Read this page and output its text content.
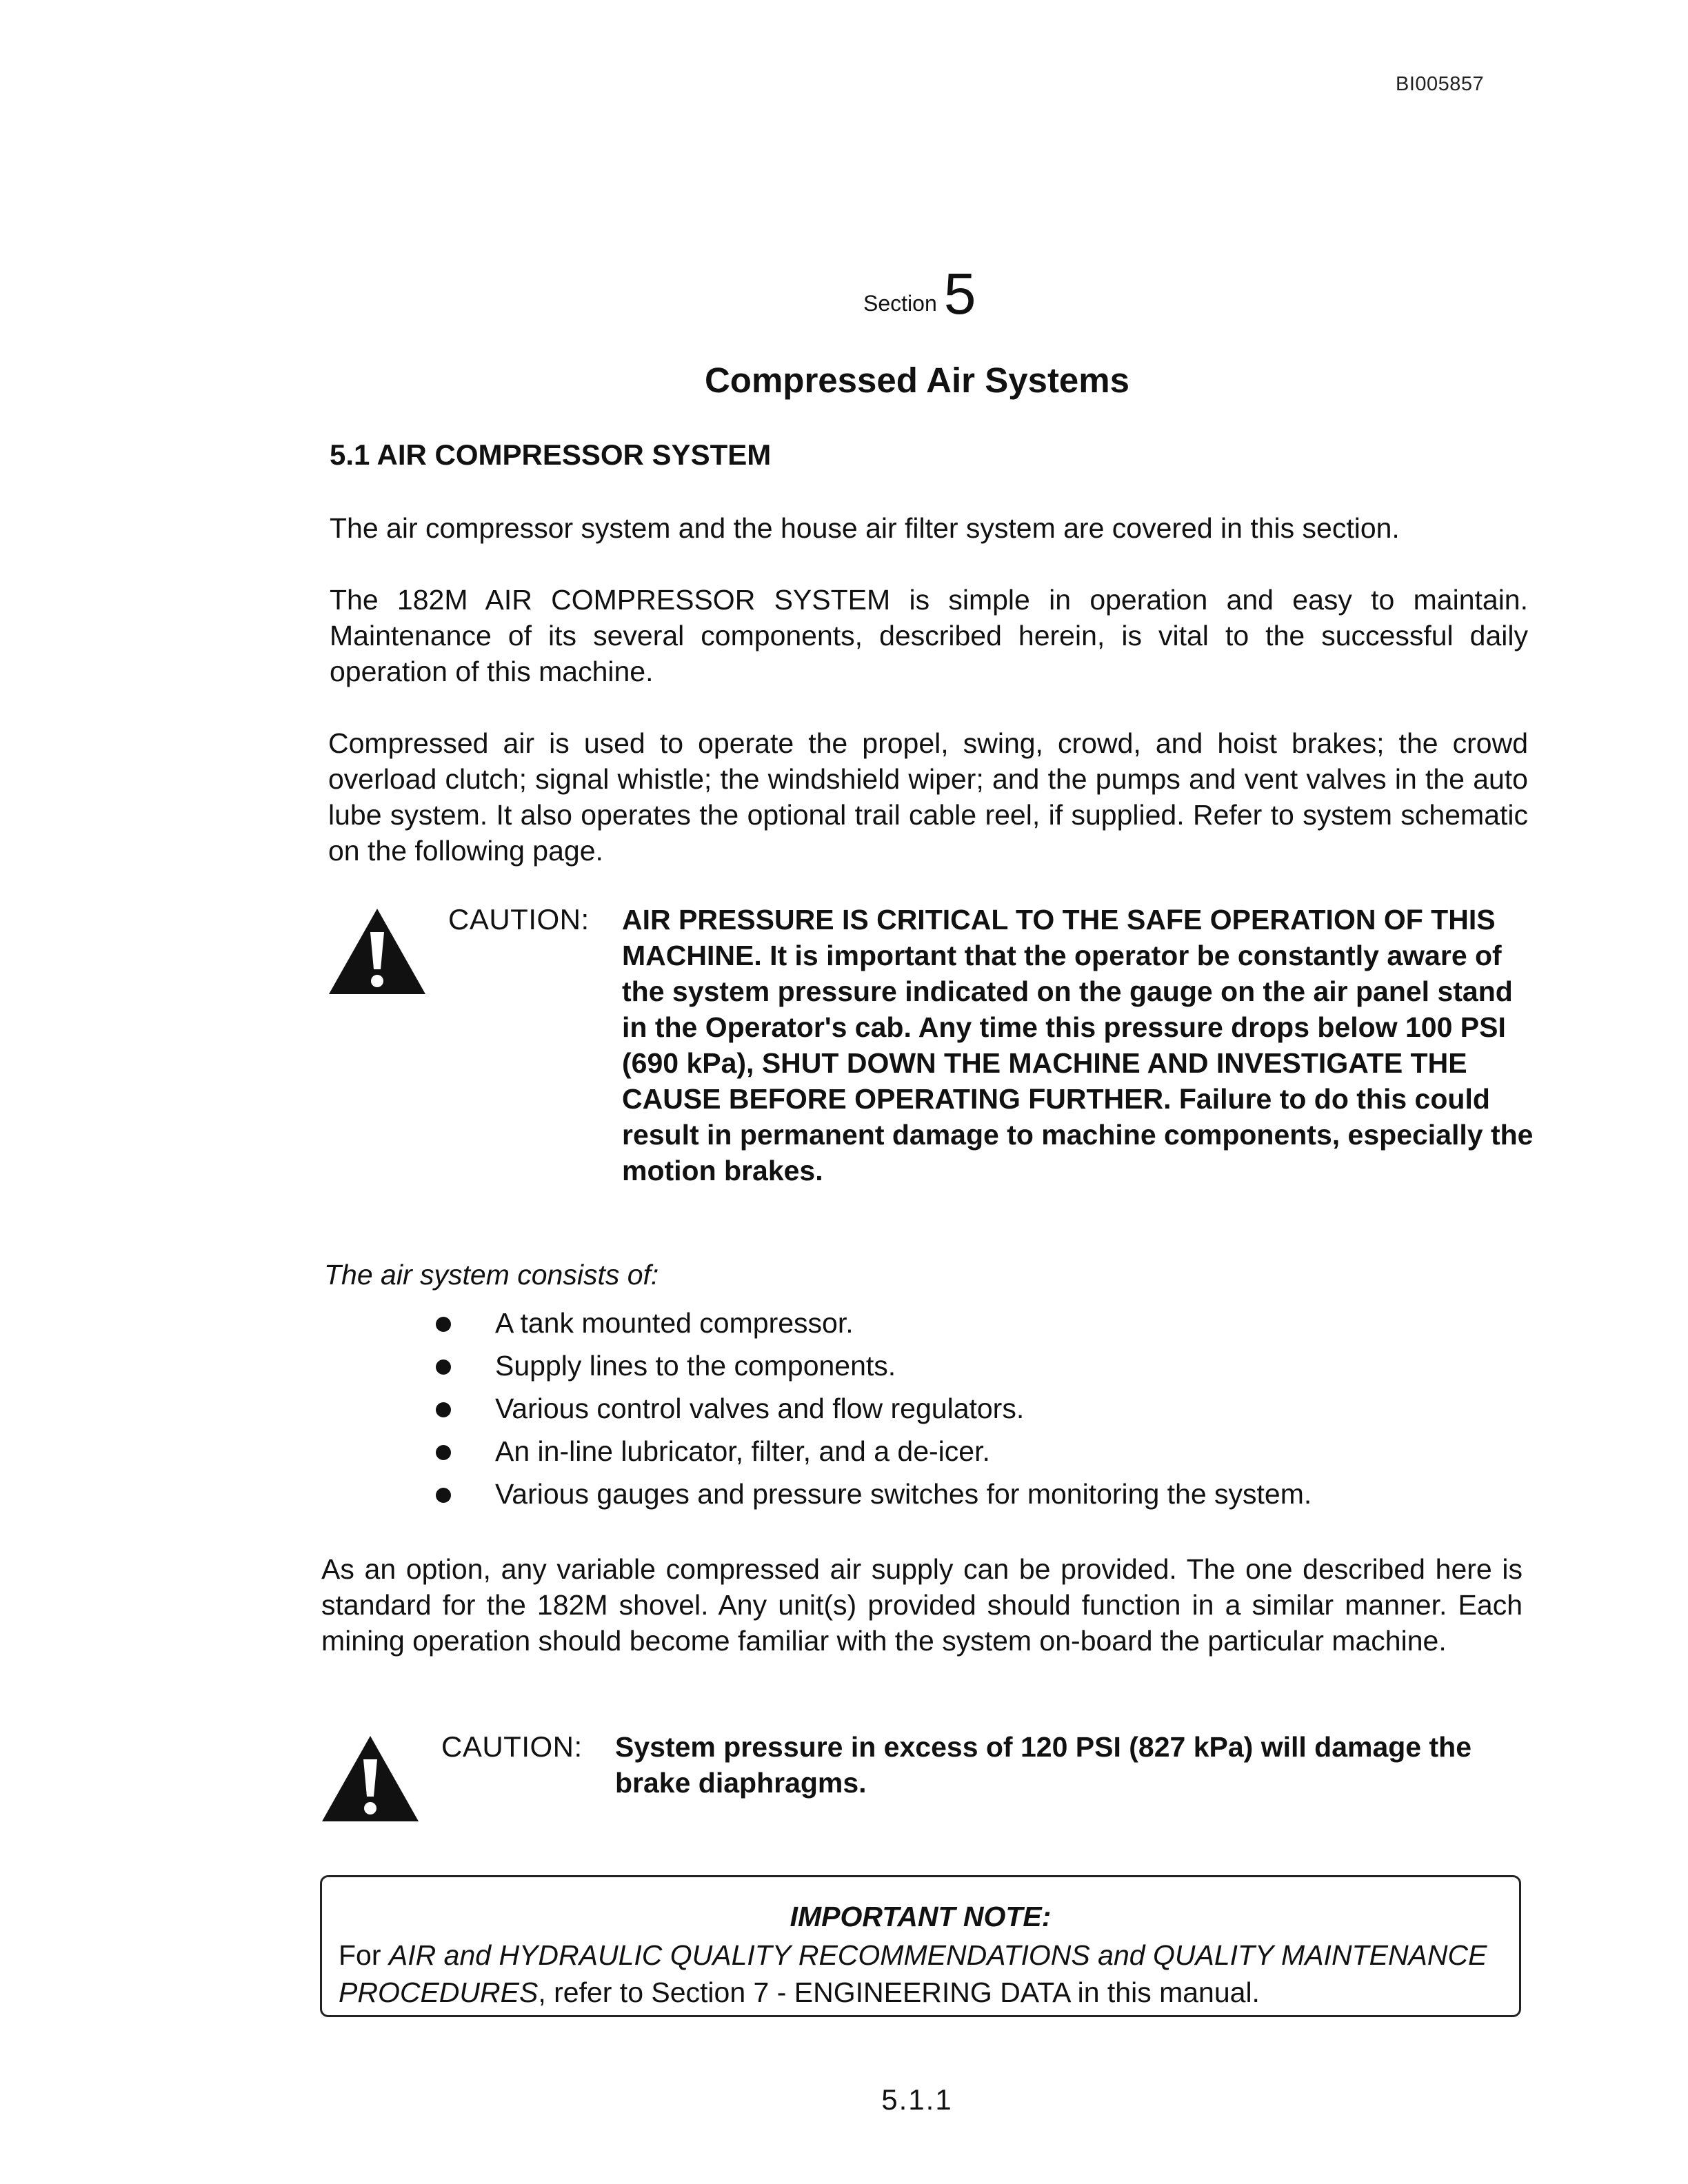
BI005857
Section 5
Compressed Air Systems
5.1 AIR COMPRESSOR SYSTEM
The air compressor system and the house air filter system are covered in this section.
The 182M AIR COMPRESSOR SYSTEM is simple in operation and easy to maintain. Maintenance of its several components, described herein, is vital to the successful daily operation of this machine.
Compressed air is used to operate the propel, swing, crowd, and hoist brakes; the crowd overload clutch; signal whistle; the windshield wiper; and the pumps and vent valves in the auto lube system. It also operates the optional trail cable reel, if supplied. Refer to system schematic on the following page.
CAUTION: AIR PRESSURE IS CRITICAL TO THE SAFE OPERATION OF THIS MACHINE. It is important that the operator be constantly aware of the system pressure indicated on the gauge on the air panel stand in the Operator's cab. Any time this pressure drops below 100 PSI (690 kPa), SHUT DOWN THE MACHINE AND INVESTIGATE THE CAUSE BEFORE OPERATING FURTHER. Failure to do this could result in permanent damage to machine components, especially the motion brakes.
The air system consists of:
A tank mounted compressor.
Supply lines to the components.
Various control valves and flow regulators.
An in-line lubricator, filter, and a de-icer.
Various gauges and pressure switches for monitoring the system.
As an option, any variable compressed air supply can be provided. The one described here is standard for the 182M shovel. Any unit(s) provided should function in a similar manner. Each mining operation should become familiar with the system on-board the particular machine.
CAUTION: System pressure in excess of 120 PSI (827 kPa) will damage the brake diaphragms.
IMPORTANT NOTE:
For AIR and HYDRAULIC QUALITY RECOMMENDATIONS and QUALITY MAINTENANCE PROCEDURES, refer to Section 7 - ENGINEERING DATA in this manual.
5.1.1
